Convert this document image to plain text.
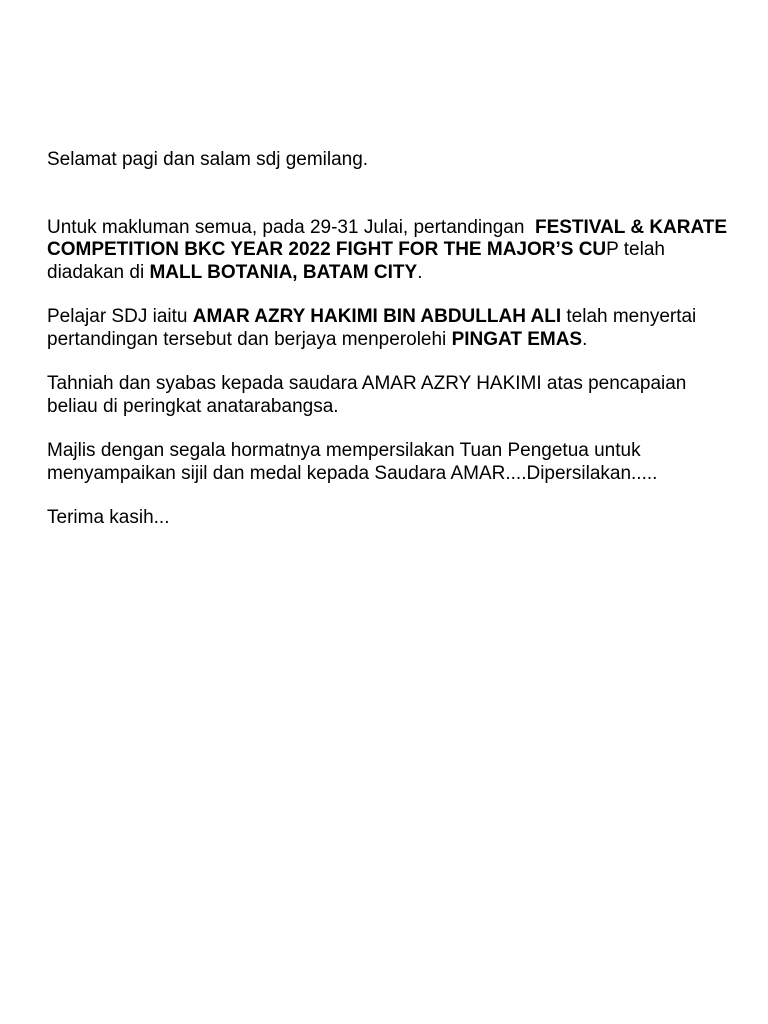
Selamat pagi dan salam sdj gemilang.

Untuk makluman semua, pada 29-31 Julai, pertandingan  FESTIVAL & KARATE COMPETITION BKC YEAR 2022 FIGHT FOR THE MAJOR’S CUP telah diadakan di MALL BOTANIA, BATAM CITY.

Pelajar SDJ iaitu AMAR AZRY HAKIMI BIN ABDULLAH ALI telah menyertai pertandingan tersebut dan berjaya menperolehi PINGAT EMAS.

Tahniah dan syabas kepada saudara AMAR AZRY HAKIMI atas pencapaian beliau di peringkat anatarabangsa.

Majlis dengan segala hormatnya mempersilakan Tuan Pengetua untuk menyampaikan sijil dan medal kepada Saudara AMAR....Dipersilakan.....

Terima kasih...
